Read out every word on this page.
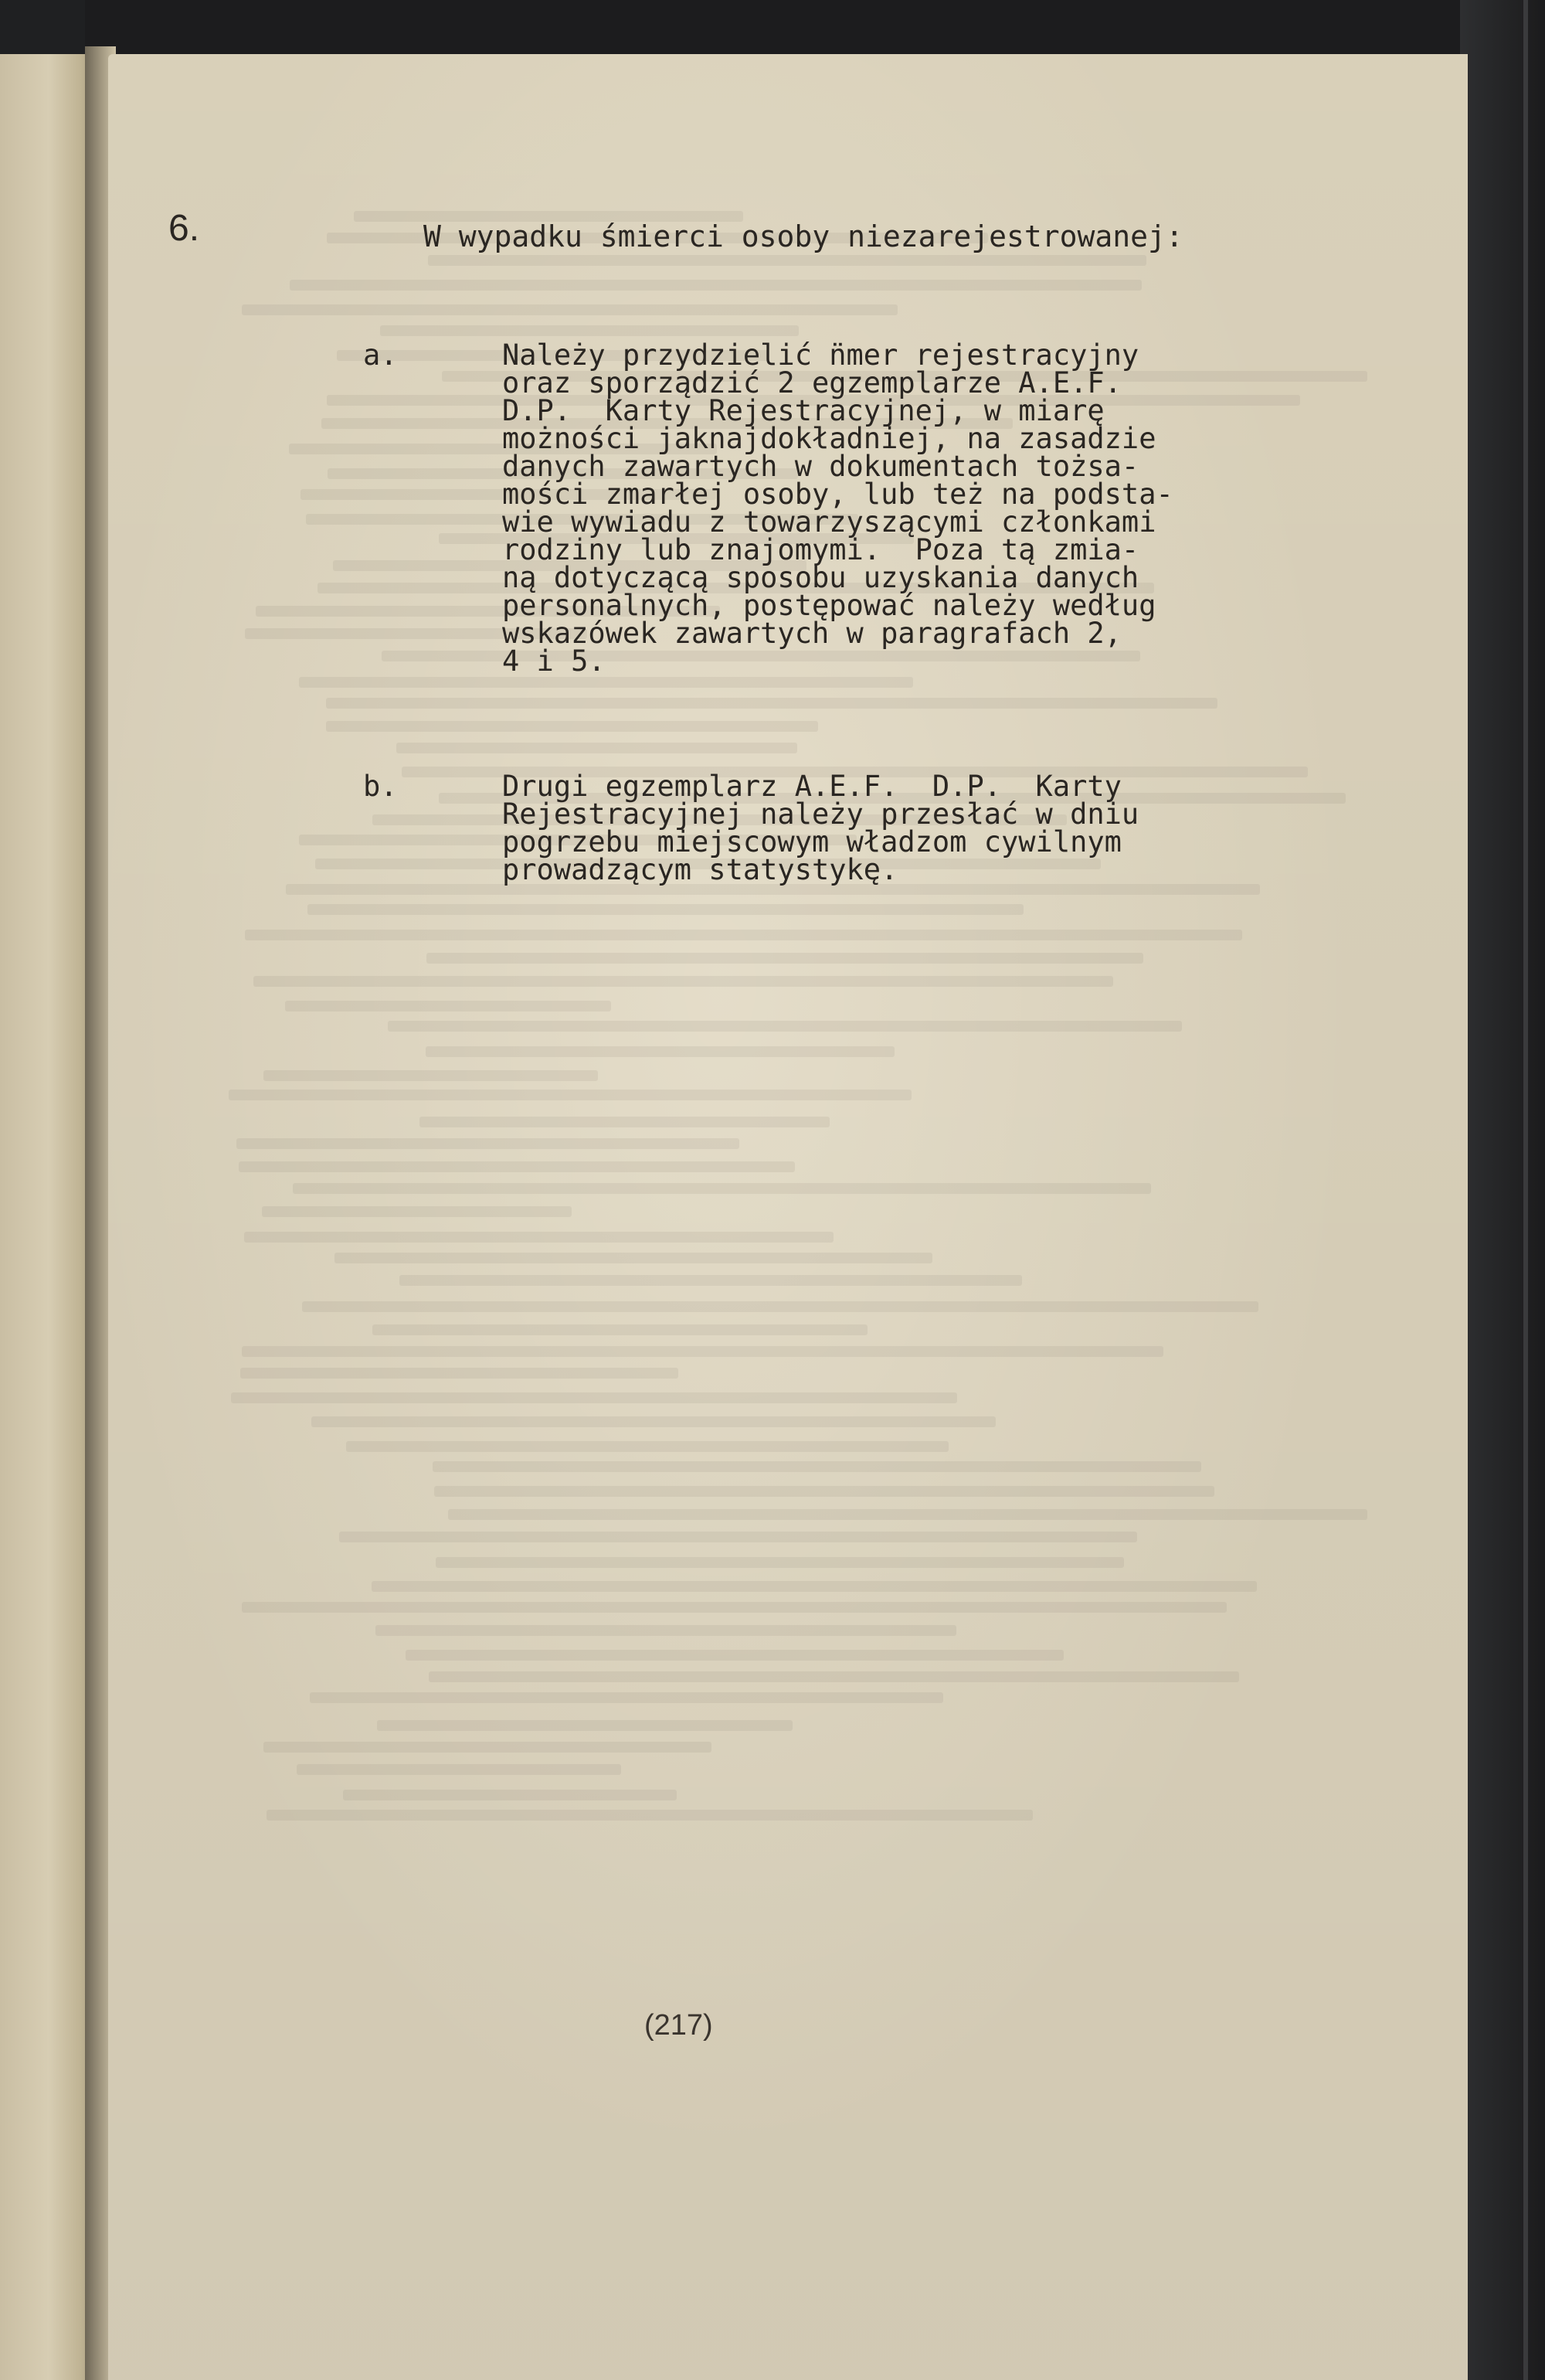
6.	W wypadku śmierci osoby niezarejestrowanej:
a.	Należy przydzielić n̈mer rejestracyjny
oraz sporządzić 2 egzemplarze A.E.F.
D.P.  Karty Rejestracyjnej, w miarę
możności jaknajdokładniej, na zasadzie
danych zawartych w dokumentach tożsa-
mości zmarłej osoby, lub też na podsta-
wie wywiadu z towarzyszącymi członkami
rodziny lub znajomymi.  Poza tą zmia-
ną dotyczącą sposobu uzyskania danych
personalnych, postępować należy według
wskazówek zawartych w paragrafach 2,
4 i 5.
b.	Drugi egzemplarz A.E.F.  D.P.  Karty
Rejestracyjnej należy przesłać w dniu
pogrzebu miejscowym władzom cywilnym
prowadzącym statystykę.
(217)
